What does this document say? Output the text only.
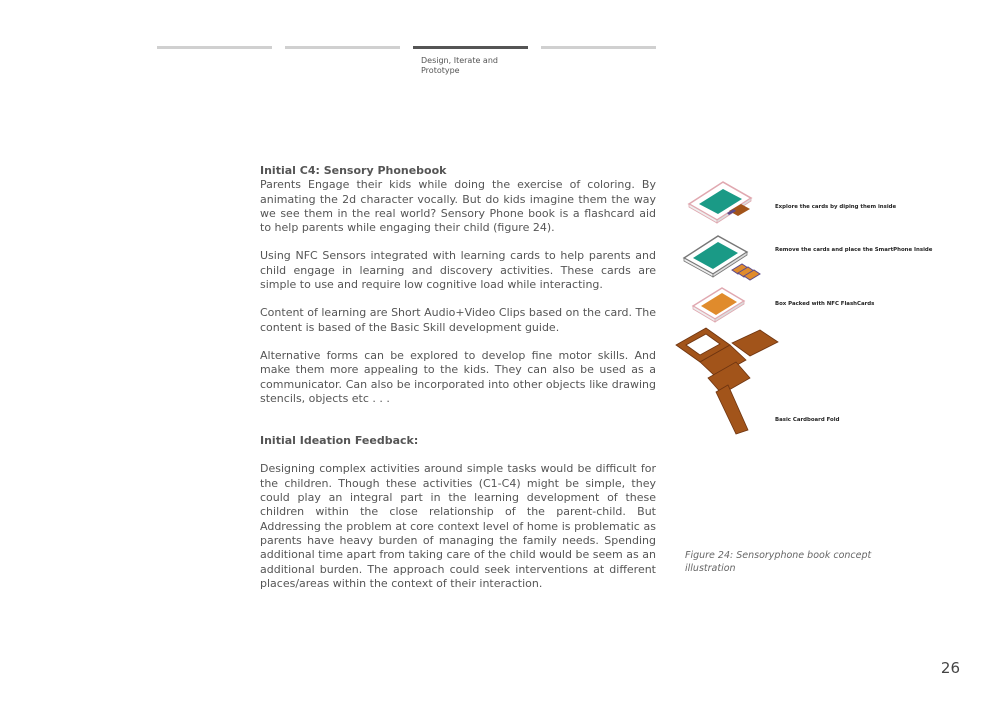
Design, Iterate and Prototype
Initial C4: Sensory Phonebook

Parents Engage their kids while doing the exercise of coloring. By animating the 2d character vocally. But do kids imagine them the way we see them in the real world? Sensory Phone book is a flashcard aid to help parents while engaging their child (figure 24).

Using NFC Sensors integrated with learning cards to help parents and child engage in learning and discovery activities. These cards are simple to use and require low cognitive load while interacting.

Content of learning are Short Audio+Video Clips based on the card. The content is based of the Basic Skill development guide.

Alternative forms can be explored to develop fine motor skills. And make them more appealing to the kids. They can also be used as a communicator. Can also be incorporated into other objects like drawing stencils, objects etc . . .

Initial Ideation Feedback:

Designing complex activities around simple tasks would be difficult for the children. Though these activities (C1-C4) might be simple, they could play an integral part in the learning development of these children within the close relationship of the parent-child. But Addressing the problem at core context level of home is problematic as parents have heavy burden of managing the family needs. Spending additional time apart from taking care of the child would be seem as an additional burden. The approach could seek interventions at different places/areas within the context of their interaction.

Explore the cards by diping them inside
Remove the cards and place the SmartPhone Inside
Box Packed with NFC FlashCards
Basic Cardboard Fold
Figure 24: Sensoryphone book concept illustration
26
